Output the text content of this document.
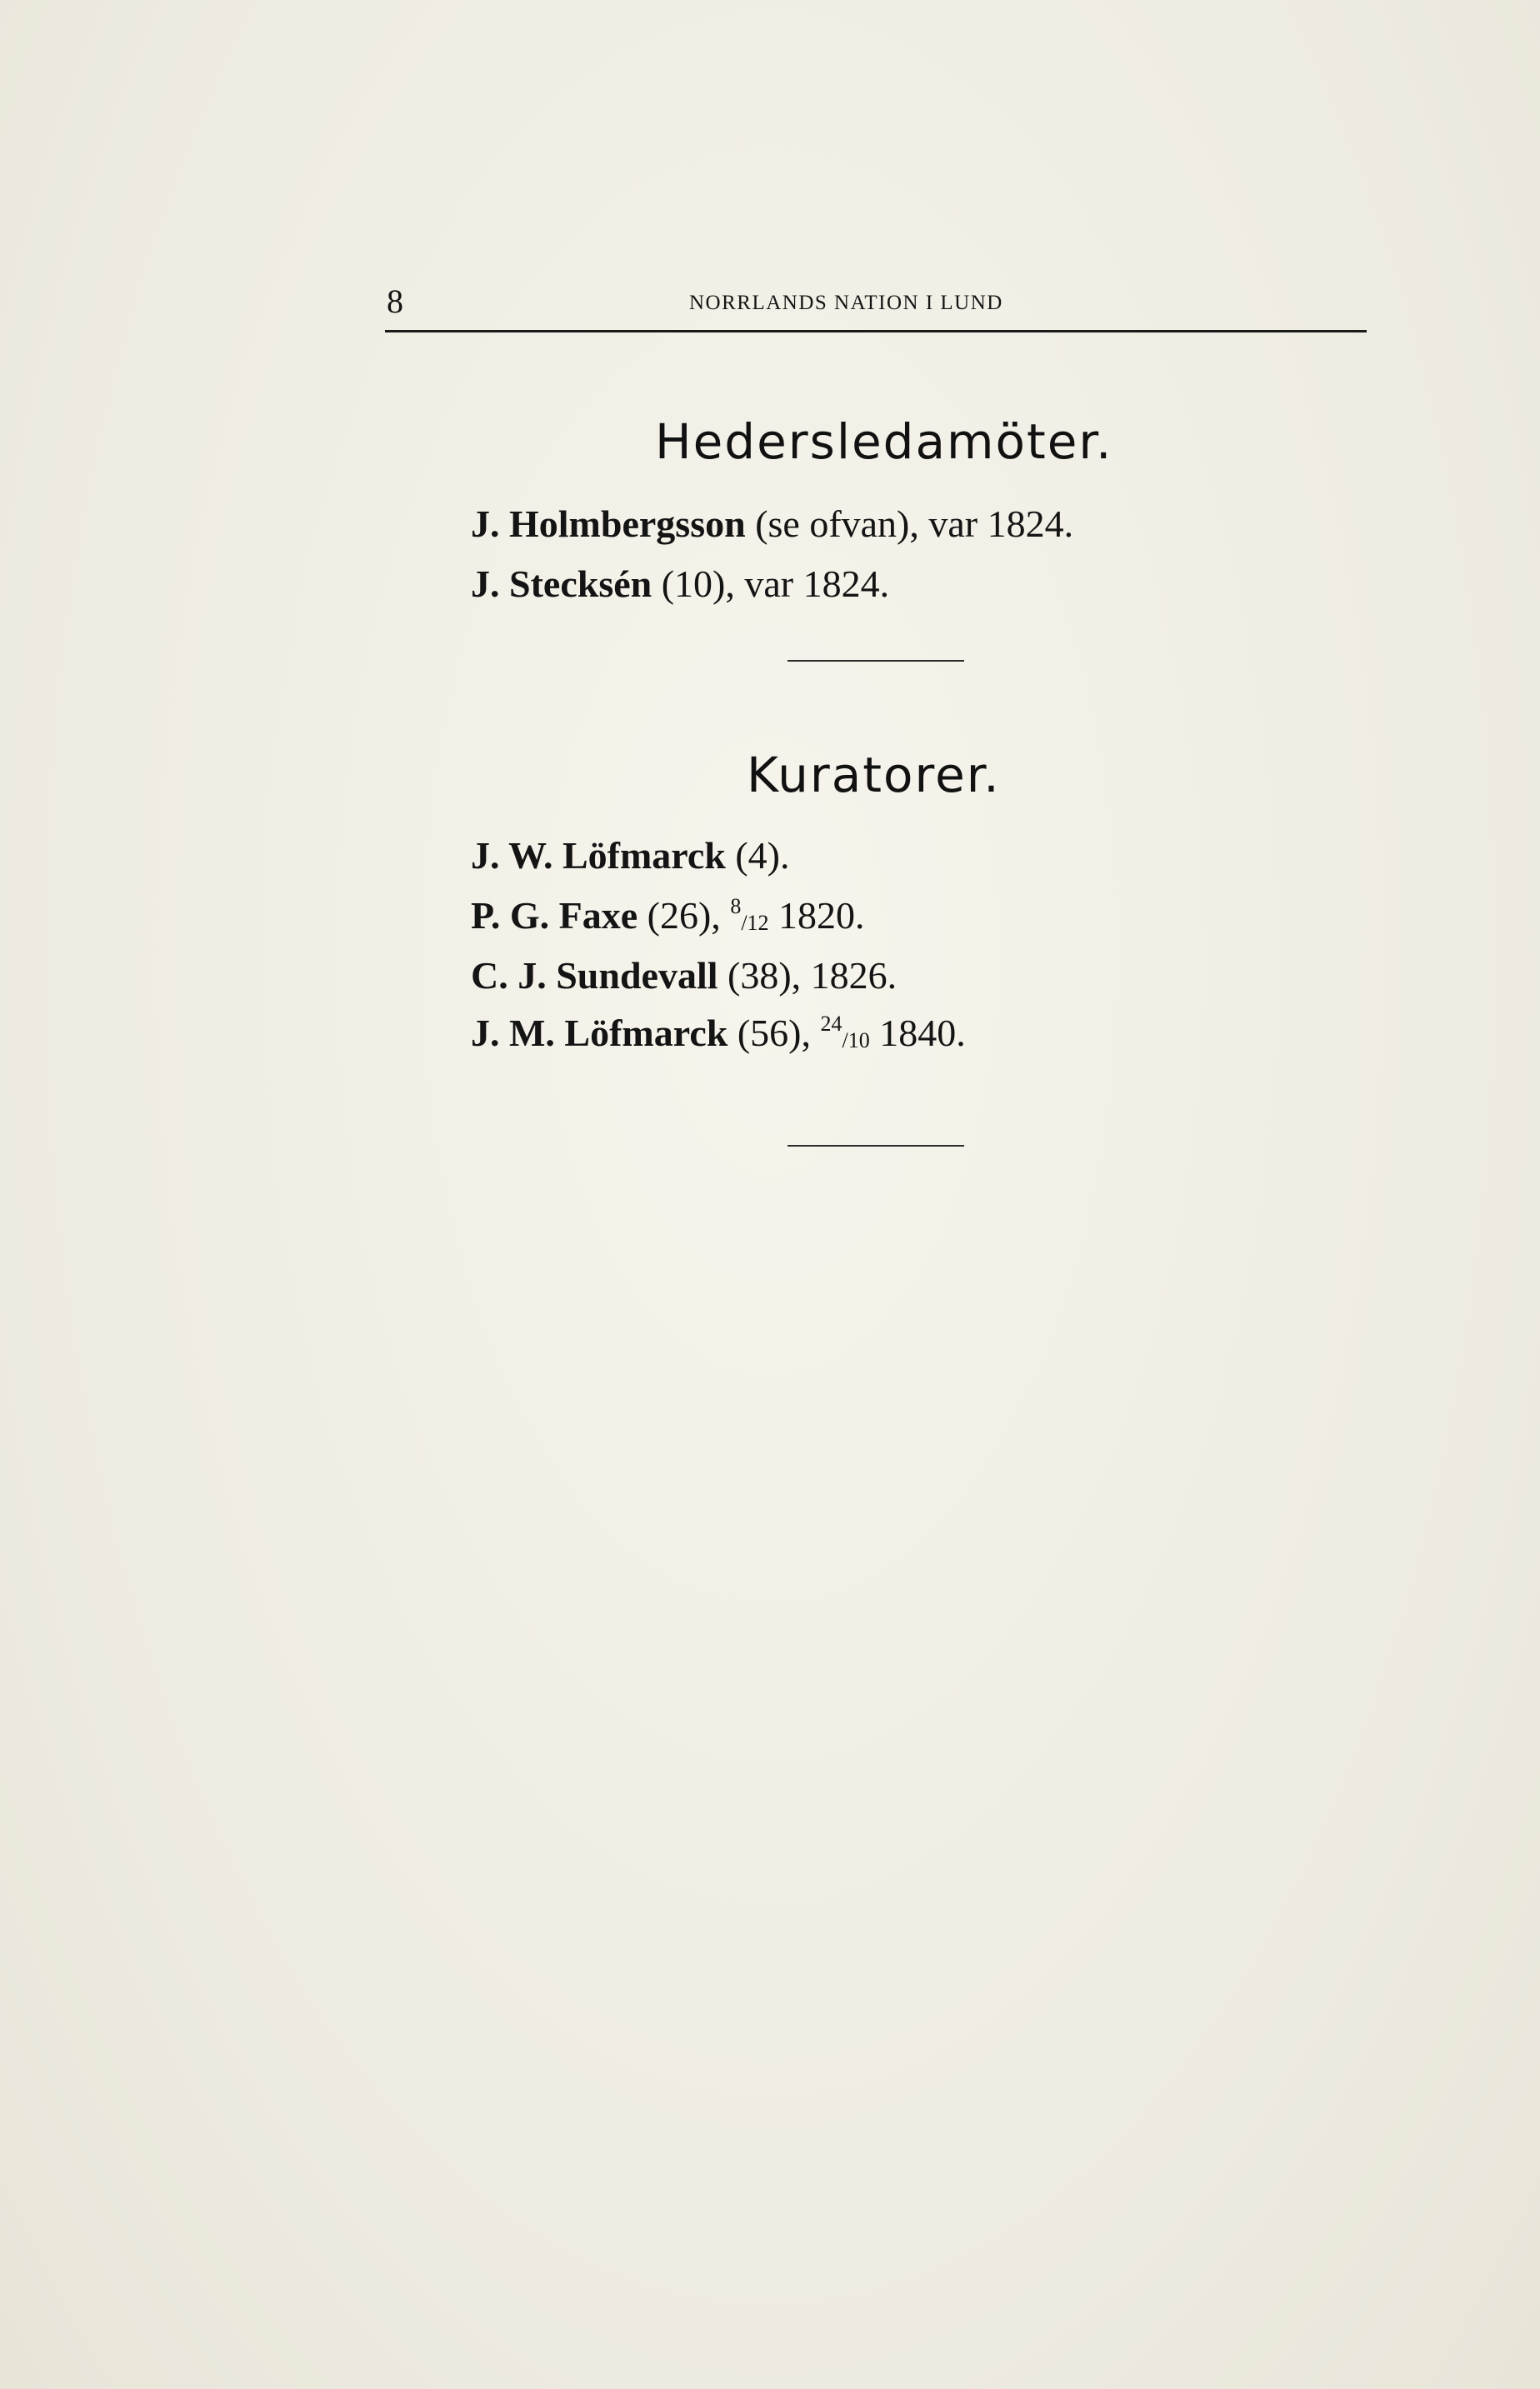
8	NORRLANDS NATION I LUND
Hedersledamöter.
J. Holmbergsson (se ofvan), var 1824.
J. Stecksén (10), var 1824.
Kuratorer.
J. W. Löfmarck (4).
P. G. Faxe (26), $^8$/12 1820.
C. J. Sundevall (38), 1826.
J. M. Löfmarck (56), $^{24}$/10 1840.
